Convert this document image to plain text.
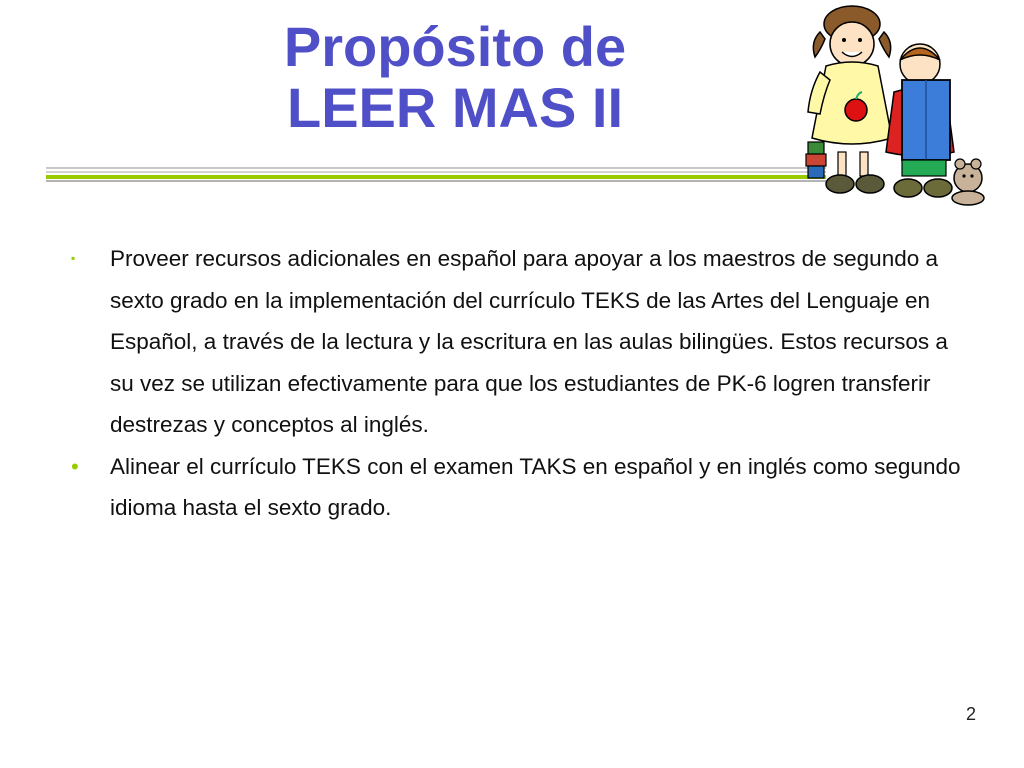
Propósito de
LEER MAS II
▪ Proveer recursos adicionales en español para apoyar a los maestros de segundo a sexto grado en la implementación del currículo TEKS de las Artes del Lenguaje en Español, a través de la lectura y la escritura en las aulas bilingües. Estos recursos a su vez se utilizan efectivamente para que los estudiantes de PK-6 logren transferir destrezas y conceptos al inglés.
• Alinear el currículo TEKS con el examen TAKS en español y en inglés como segundo idioma hasta el sexto grado.
2
